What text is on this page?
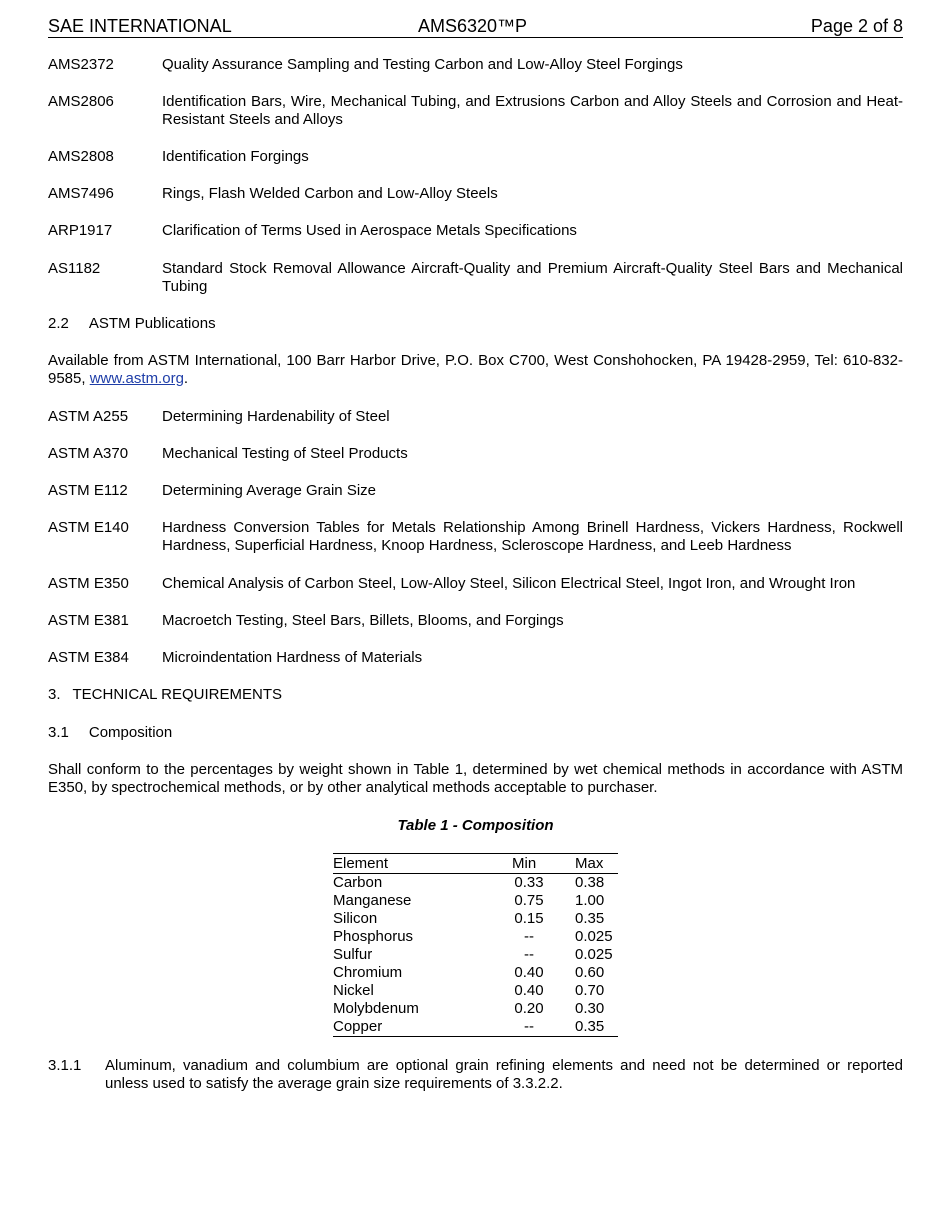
SAE INTERNATIONAL	AMS6320™P	Page 2 of 8
AMS2372	Quality Assurance Sampling and Testing Carbon and Low-Alloy Steel Forgings
AMS2806	Identification Bars, Wire, Mechanical Tubing, and Extrusions Carbon and Alloy Steels and Corrosion and Heat-Resistant Steels and Alloys
AMS2808	Identification Forgings
AMS7496	Rings, Flash Welded Carbon and Low-Alloy Steels
ARP1917	Clarification of Terms Used in Aerospace Metals Specifications
AS1182	Standard Stock Removal Allowance Aircraft-Quality and Premium Aircraft-Quality Steel Bars and Mechanical Tubing
2.2 ASTM Publications
Available from ASTM International, 100 Barr Harbor Drive, P.O. Box C700, West Conshohocken, PA 19428-2959, Tel: 610-832-9585, www.astm.org.
ASTM A255	Determining Hardenability of Steel
ASTM A370	Mechanical Testing of Steel Products
ASTM E112	Determining Average Grain Size
ASTM E140	Hardness Conversion Tables for Metals Relationship Among Brinell Hardness, Vickers Hardness, Rockwell Hardness, Superficial Hardness, Knoop Hardness, Scleroscope Hardness, and Leeb Hardness
ASTM E350	Chemical Analysis of Carbon Steel, Low-Alloy Steel, Silicon Electrical Steel, Ingot Iron, and Wrought Iron
ASTM E381	Macroetch Testing, Steel Bars, Billets, Blooms, and Forgings
ASTM E384	Microindentation Hardness of Materials
3. TECHNICAL REQUIREMENTS
3.1 Composition
Shall conform to the percentages by weight shown in Table 1, determined by wet chemical methods in accordance with ASTM E350, by spectrochemical methods, or by other analytical methods acceptable to purchaser.
Table 1 - Composition
Element	Min	Max
Carbon	0.33	0.38
Manganese	0.75	1.00
Silicon	0.15	0.35
Phosphorus	--	0.025
Sulfur	--	0.025
Chromium	0.40	0.60
Nickel	0.40	0.70
Molybdenum	0.20	0.30
Copper	--	0.35
3.1.1 Aluminum, vanadium and columbium are optional grain refining elements and need not be determined or reported unless used to satisfy the average grain size requirements of 3.3.2.2.
